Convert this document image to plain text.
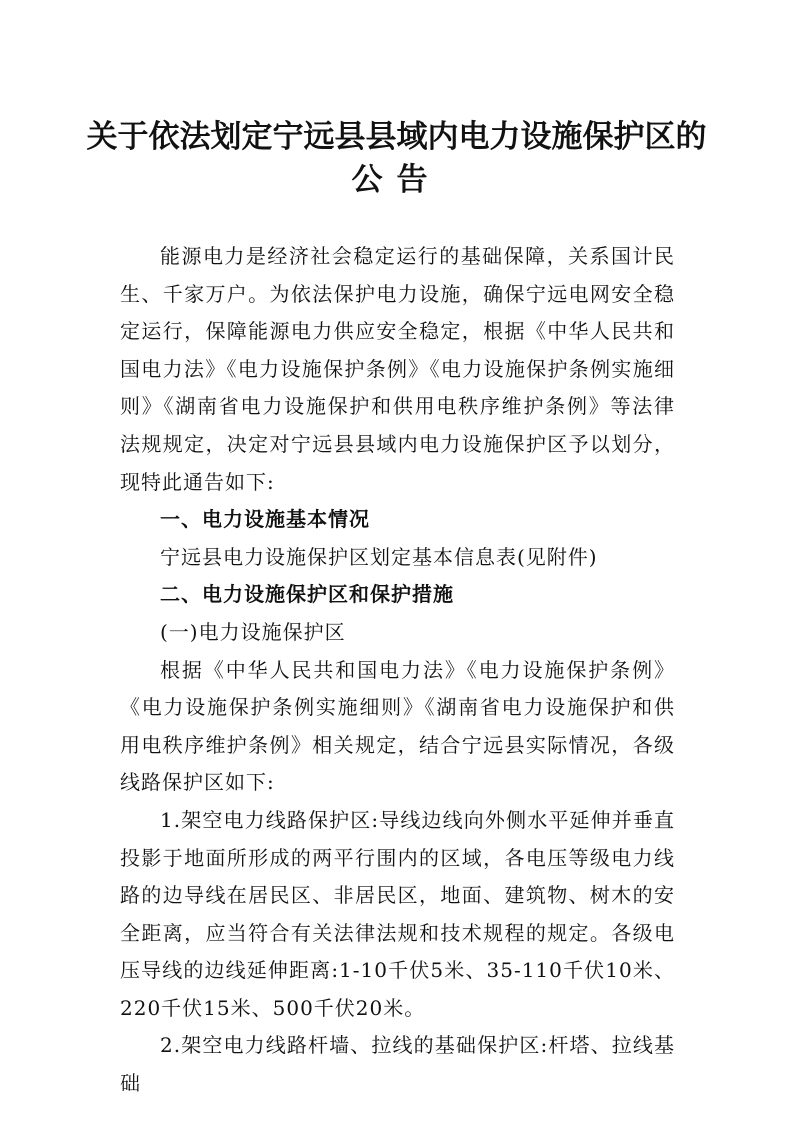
关于依法划定宁远县县域内电力设施保护区的
公告

能源电力是经济社会稳定运行的基础保障，关系国计民生、千家万户。为依法保护电力设施，确保宁远电网安全稳定运行，保障能源电力供应安全稳定，根据《中华人民共和国电力法》《电力设施保护条例》《电力设施保护条例实施细则》《湖南省电力设施保护和供用电秩序维护条例》等法律法规规定，决定对宁远县县域内电力设施保护区予以划分，现特此通告如下:

一、电力设施基本情况

宁远县电力设施保护区划定基本信息表(见附件)

二、电力设施保护区和保护措施

(一)电力设施保护区

根据《中华人民共和国电力法》《电力设施保护条例》《电力设施保护条例实施细则》《湖南省电力设施保护和供用电秩序维护条例》相关规定，结合宁远县实际情况，各级线路保护区如下:

1.架空电力线路保护区:导线边线向外侧水平延伸并垂直投影于地面所形成的两平行围内的区域，各电压等级电力线路的边导线在居民区、非居民区，地面、建筑物、树木的安全距离，应当符合有关法律法规和技术规程的规定。各级电压导线的边线延伸距离:1-10千伏5米、35-110千伏10米、220千伏15米、500千伏20米。

2.架空电力线路杆墙、拉线的基础保护区:杆塔、拉线基础
